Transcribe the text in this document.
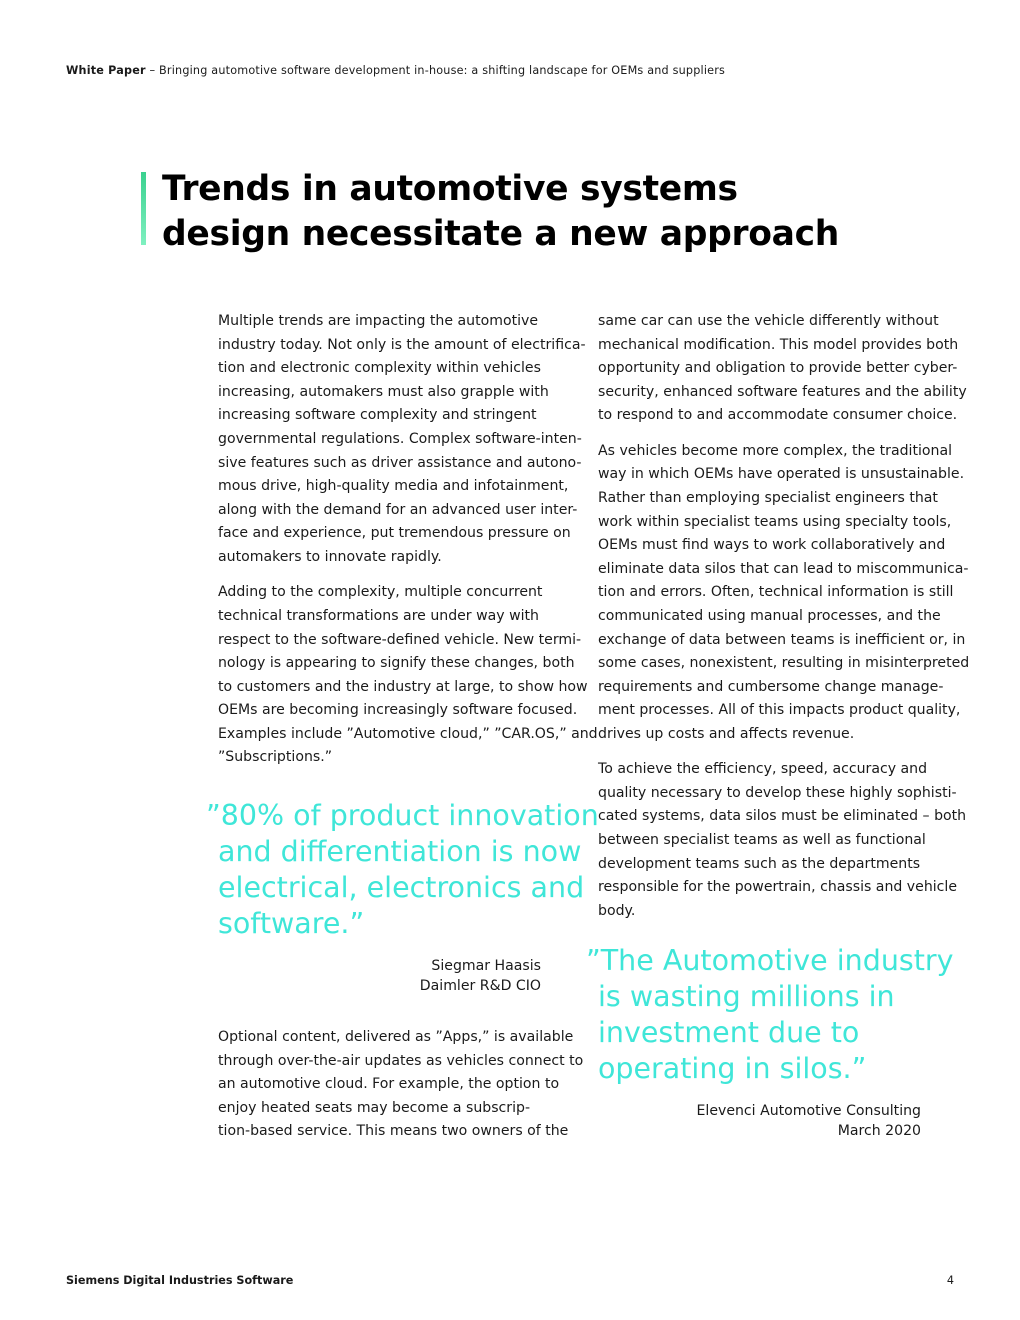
White Paper – Bringing automotive software development in-house: a shifting landscape for OEMs and suppliers
Trends in automotive systems
design necessitate a new approach

Multiple trends are impacting the automotive
industry today. Not only is the amount of electrifica-
tion and electronic complexity within vehicles
increasing, automakers must also grapple with
increasing software complexity and stringent
governmental regulations. Complex software-inten-
sive features such as driver assistance and autono-
mous drive, high-quality media and infotainment,
along with the demand for an advanced user inter-
face and experience, put tremendous pressure on
automakers to innovate rapidly.

Adding to the complexity, multiple concurrent
technical transformations are under way with
respect to the software-defined vehicle. New termi-
nology is appearing to signify these changes, both
to customers and the industry at large, to show how
OEMs are becoming increasingly software focused.
Examples include ”Automotive cloud,” ”CAR.OS,” and
”Subscriptions.”

”80% of product innovation
and differentiation is now
electrical, electronics and
software.”
Siegmar Haasis
Daimler R&D CIO

Optional content, delivered as ”Apps,” is available
through over-the-air updates as vehicles connect to
an automotive cloud. For example, the option to
enjoy heated seats may become a subscrip-
tion-based service. This means two owners of the

same car can use the vehicle differently without
mechanical modification. This model provides both
opportunity and obligation to provide better cyber-
security, enhanced software features and the ability
to respond to and accommodate consumer choice.

As vehicles become more complex, the traditional
way in which OEMs have operated is unsustainable.
Rather than employing specialist engineers that
work within specialist teams using specialty tools,
OEMs must find ways to work collaboratively and
eliminate data silos that can lead to miscommunica-
tion and errors. Often, technical information is still
communicated using manual processes, and the
exchange of data between teams is inefficient or, in
some cases, nonexistent, resulting in misinterpreted
requirements and cumbersome change manage-
ment processes. All of this impacts product quality,
drives up costs and affects revenue.

To achieve the efficiency, speed, accuracy and
quality necessary to develop these highly sophisti-
cated systems, data silos must be eliminated – both
between specialist teams as well as functional
development teams such as the departments
responsible for the powertrain, chassis and vehicle
body.

”The Automotive industry
is wasting millions in
investment due to
operating in silos.”
Elevenci Automotive Consulting
March 2020
Siemens Digital Industries Software	4
